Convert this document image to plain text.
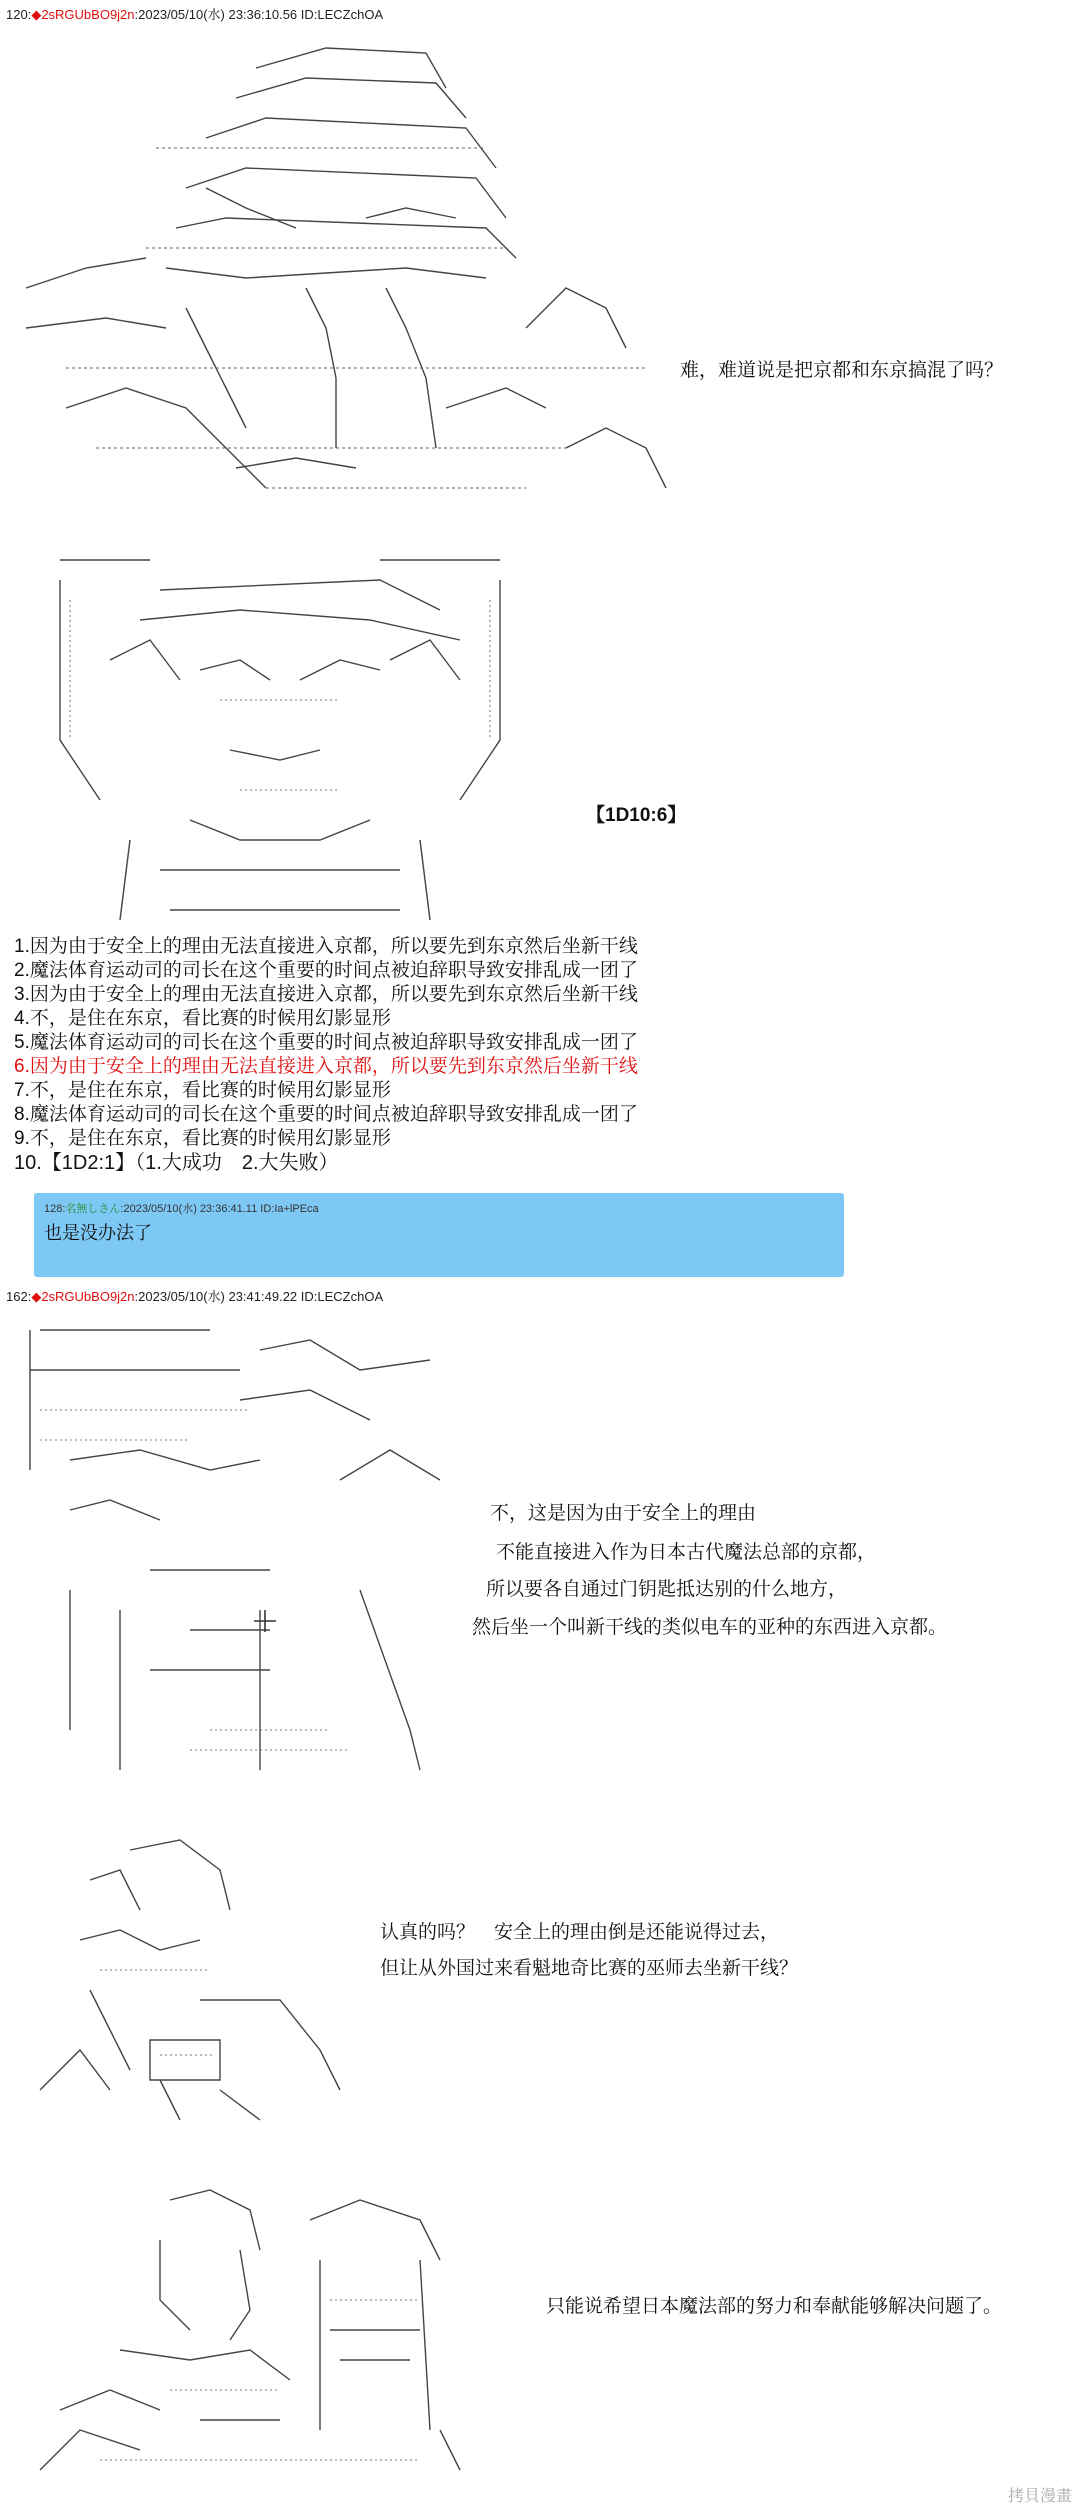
120:◆2sRGUbBO9j2n:2023/05/10(水) 23:36:10.56 ID:LECZchOA
难，难道说是把京都和东京搞混了吗？
【1D10:6】
1.因为由于安全上的理由无法直接进入京都，所以要先到东京然后坐新干线
2.魔法体育运动司的司长在这个重要的时间点被迫辞职导致安排乱成一团了
3.因为由于安全上的理由无法直接进入京都，所以要先到东京然后坐新干线
4.不，是住在东京，看比赛的时候用幻影显形
5.魔法体育运动司的司长在这个重要的时间点被迫辞职导致安排乱成一团了
6.因为由于安全上的理由无法直接进入京都，所以要先到东京然后坐新干线
7.不，是住在东京，看比赛的时候用幻影显形
8.魔法体育运动司的司长在这个重要的时间点被迫辞职导致安排乱成一团了
9.不，是住在东京，看比赛的时候用幻影显形
10.【1D2:1】（1.大成功　2.大失败）
128:名無しさん:2023/05/10(水) 23:36:41.11 ID:Ia+lPEca
也是没办法了
162:◆2sRGUbBO9j2n:2023/05/10(水) 23:41:49.22 ID:LECZchOA
不，这是因为由于安全上的理由
不能直接进入作为日本古代魔法总部的京都，
所以要各自通过门钥匙抵达别的什么地方，
然后坐一个叫新干线的类似电车的亚种的东西进入京都。
认真的吗？　安全上的理由倒是还能说得过去，
但让从外国过来看魁地奇比赛的巫师去坐新干线？
只能说希望日本魔法部的努力和奉献能够解决问题了。
拷貝漫畫
